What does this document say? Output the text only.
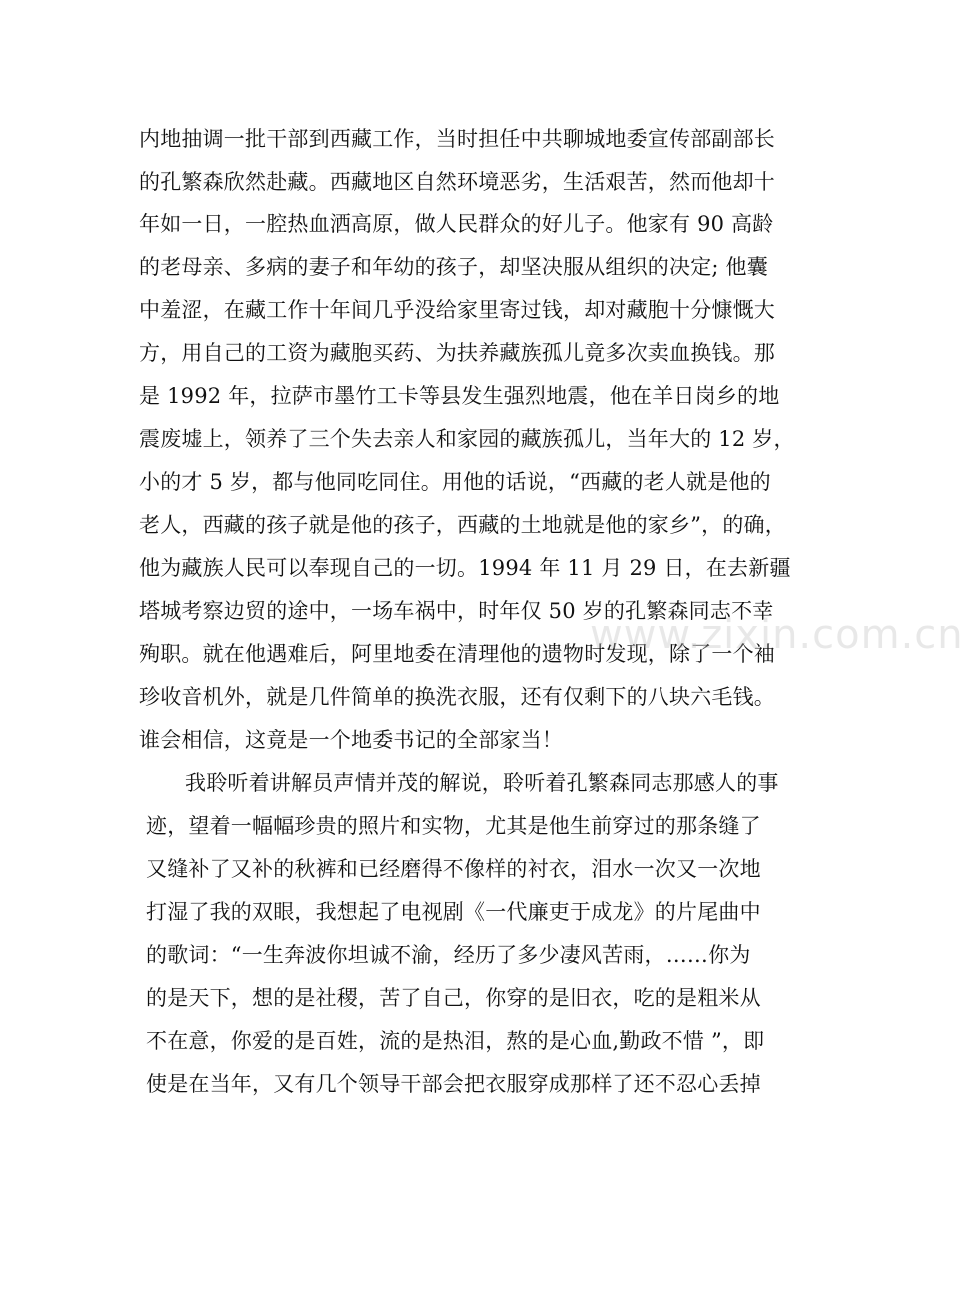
内地抽调一批干部到西藏工作，当时担任中共聊城地委宣传部副部长
的孔繁森欣然赴藏。西藏地区自然环境恶劣，生活艰苦，然而他却十
年如一日，一腔热血洒高原，做人民群众的好儿子。他家有 90 高龄
的老母亲、多病的妻子和年幼的孩子，却坚决服从组织的决定; 他囊
中羞涩，在藏工作十年间几乎没给家里寄过钱，却对藏胞十分慷慨大
方，用自己的工资为藏胞买药、为扶养藏族孤儿竟多次卖血换钱。那
是 1992 年，拉萨市墨竹工卡等县发生强烈地震，他在羊日岗乡的地
震废墟上，领养了三个失去亲人和家园的藏族孤儿，当年大的 12 岁，
小的才 5 岁，都与他同吃同住。用他的话说，“西藏的老人就是他的
老人，西藏的孩子就是他的孩子，西藏的土地就是他的家乡”，的确，
他为藏族人民可以奉现自己的一切。1994 年 11 月 29 日，在去新疆
塔城考察边贸的途中，一场车祸中，时年仅 50 岁的孔繁森同志不幸
殉职。就在他遇难后，阿里地委在清理他的遗物时发现，除了一个袖
珍收音机外，就是几件简单的换洗衣服，还有仅剩下的八块六毛钱。
谁会相信，这竟是一个地委书记的全部家当！
我聆听着讲解员声情并茂的解说，聆听着孔繁森同志那感人的事
迹，望着一幅幅珍贵的照片和实物，尤其是他生前穿过的那条缝了
又缝补了又补的秋裤和已经磨得不像样的衬衣，泪水一次又一次地
打湿了我的双眼，我想起了电视剧《一代廉吏于成龙》的片尾曲中
的歌词：“一生奔波你坦诚不渝，经历了多少凄风苦雨，……你为
的是天下，想的是社稷，苦了自己，你穿的是旧衣，吃的是粗米从
不在意，你爱的是百姓，流的是热泪，熬的是心血,勤政不惜 ”，即
使是在当年，又有几个领导干部会把衣服穿成那样了还不忍心丢掉
www.zixin.com.cn
